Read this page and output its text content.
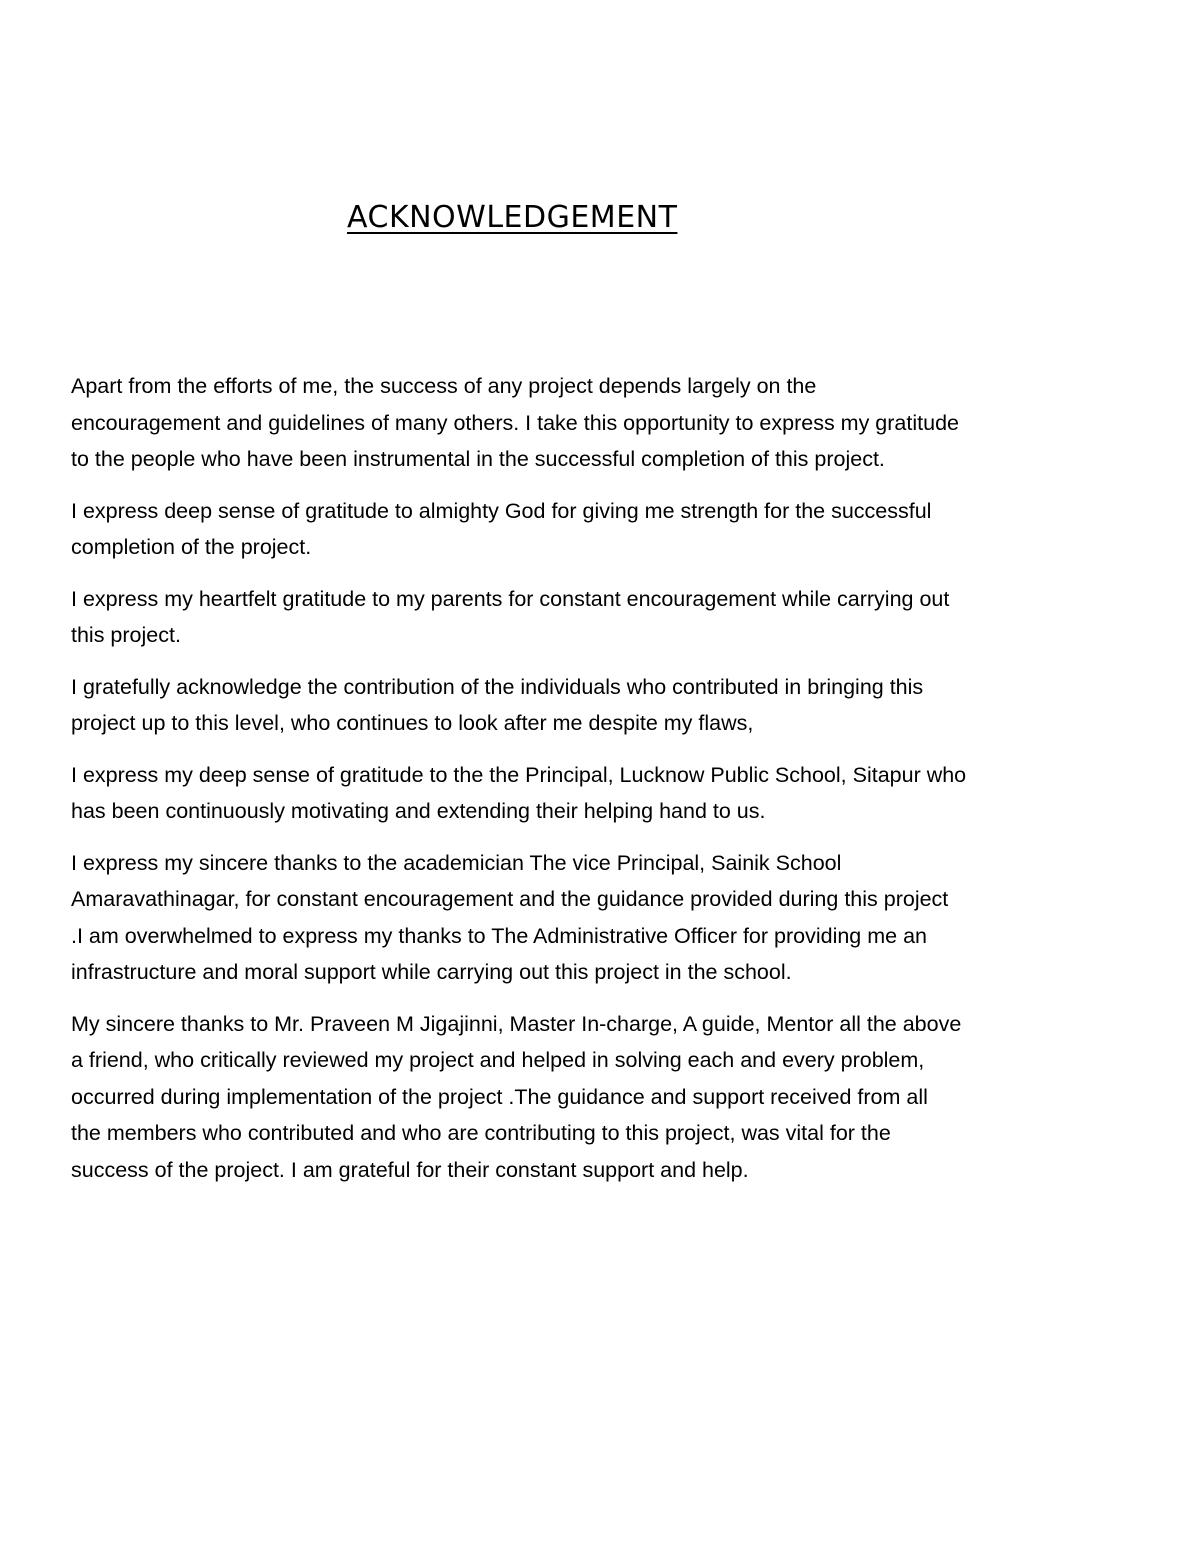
ACKNOWLEDGEMENT

Apart from the efforts of me, the success of any project depends largely on the
encouragement and guidelines of many others. I take this opportunity to express my gratitude
to the people who have been instrumental in the successful completion of this project.

I express deep sense of gratitude to almighty God for giving me strength for the successful
completion of the project.

I express my heartfelt gratitude to my parents for constant encouragement while carrying out
this project.

I gratefully acknowledge the contribution of the individuals who contributed in bringing this
project up to this level, who continues to look after me despite my flaws,

I express my deep sense of gratitude to the the Principal, Lucknow Public School, Sitapur who
has been continuously motivating and extending their helping hand to us.

I express my sincere thanks to the academician The vice Principal, Sainik School
Amaravathinagar, for constant encouragement and the guidance provided during this project
.I am overwhelmed to express my thanks to The Administrative Officer for providing me an
infrastructure and moral support while carrying out this project in the school.

My sincere thanks to Mr. Praveen M Jigajinni, Master In-charge, A guide, Mentor all the above
a friend, who critically reviewed my project and helped in solving each and every problem,
occurred during implementation of the project .The guidance and support received from all
the members who contributed and who are contributing to this project, was vital for the
success of the project. I am grateful for their constant support and help.
